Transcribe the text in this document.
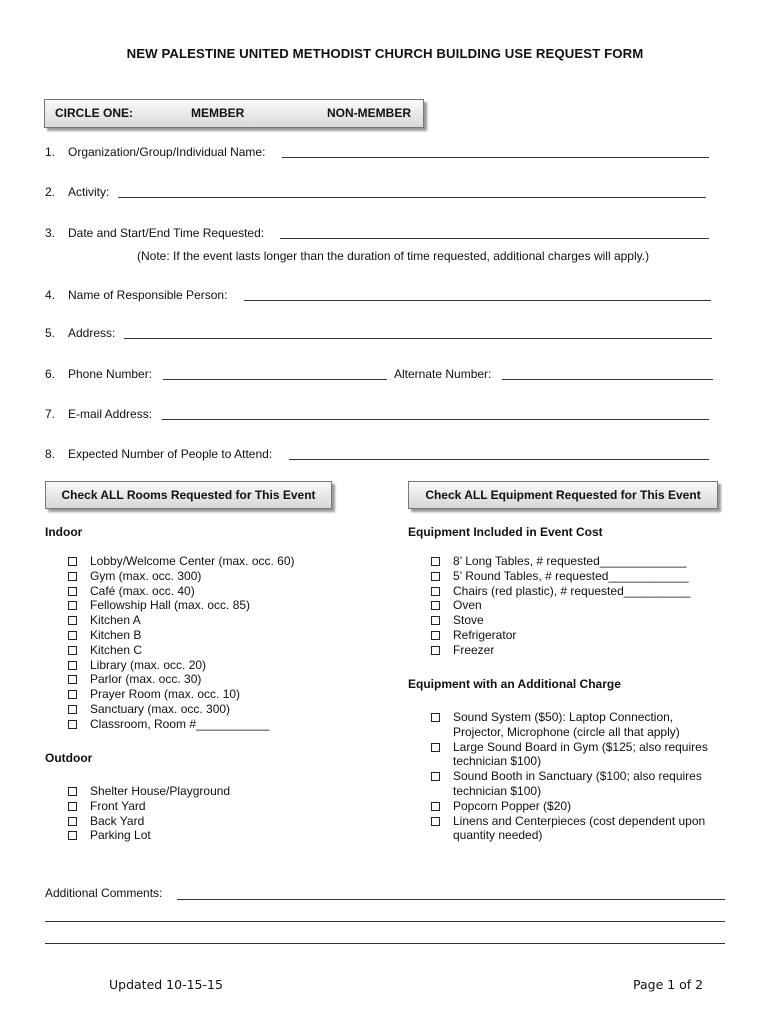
NEW PALESTINE UNITED METHODIST CHURCH BUILDING USE REQUEST FORM
CIRCLE ONE:	MEMBER	NON-MEMBER
1. Organization/Group/Individual Name:
2. Activity:
3. Date and Start/End Time Requested:
(Note: If the event lasts longer than the duration of time requested, additional charges will apply.)
4. Name of Responsible Person:
5. Address:
6. Phone Number:	Alternate Number:
7. E-mail Address:
8. Expected Number of People to Attend:
Check ALL Rooms Requested for This Event	Check ALL Equipment Requested for This Event
Indoor
Lobby/Welcome Center (max. occ. 60)
Gym (max. occ. 300)
Café (max. occ. 40)
Fellowship Hall (max. occ. 85)
Kitchen A
Kitchen B
Kitchen C
Library (max. occ. 20)
Parlor (max. occ. 30)
Prayer Room (max. occ. 10)
Sanctuary (max. occ. 300)
Classroom, Room #___________
Outdoor
Shelter House/Playground
Front Yard
Back Yard
Parking Lot
Equipment Included in Event Cost
8’ Long Tables, # requested_____________
5’ Round Tables, # requested____________
Chairs (red plastic), # requested__________
Oven
Stove
Refrigerator
Freezer
Equipment with an Additional Charge
Sound System ($50): Laptop Connection,
Projector, Microphone (circle all that apply)
Large Sound Board in Gym ($125; also requires
technician $100)
Sound Booth in Sanctuary ($100; also requires
technician $100)
Popcorn Popper ($20)
Linens and Centerpieces (cost dependent upon
quantity needed)
Additional Comments:
Updated 10-15-15	Page 1 of 2
